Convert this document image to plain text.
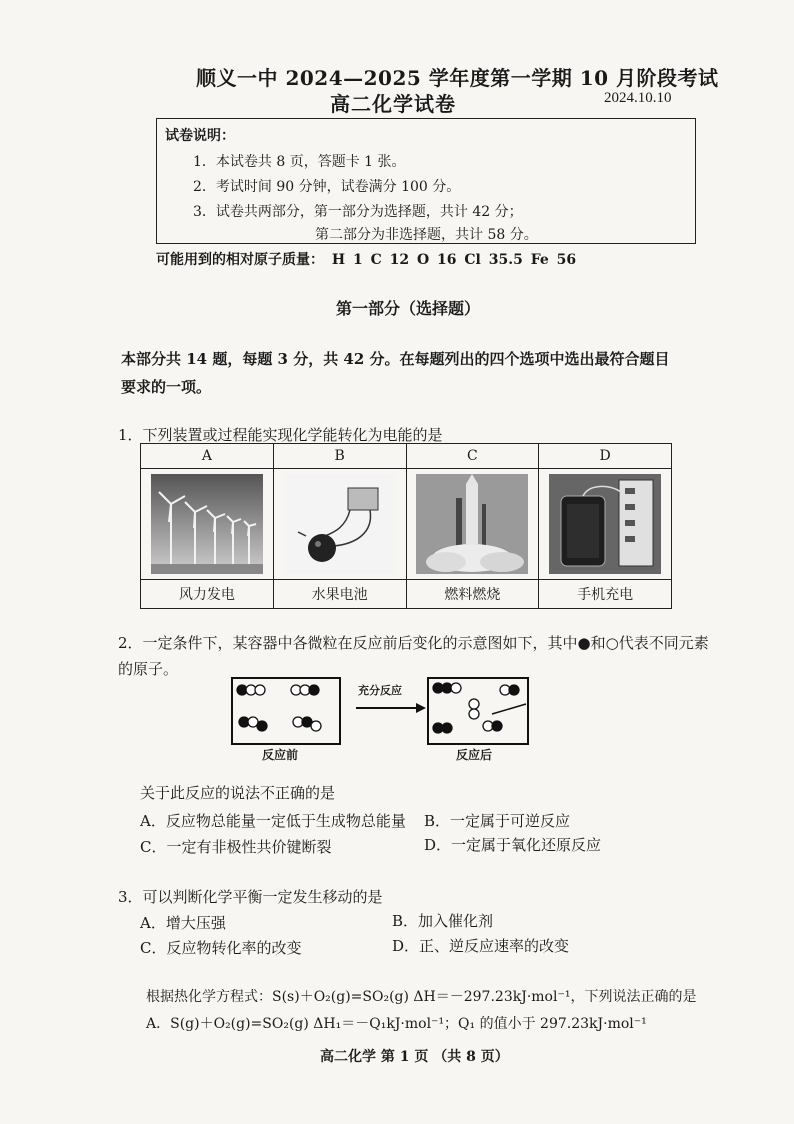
顺义一中 2024—2025 学年度第一学期 10 月阶段考试
高二化学试卷	2024.10.10
试卷说明：
1．本试卷共 8 页，答题卡 1 张。
2．考试时间 90 分钟，试卷满分 100 分。
3．试卷共两部分，第一部分为选择题，共计 42 分；
第二部分为非选择题，共计 58 分。
可能用到的相对原子质量： H 1 C 12 O 16 Cl 35.5 Fe 56
第一部分（选择题）
本部分共 14 题，每题 3 分，共 42 分。在每题列出的四个选项中选出最符合题目要求的一项。
1．下列装置或过程能实现化学能转化为电能的是
A	B	C	D

风力发电	水果电池	燃料燃烧	手机充电
2．一定条件下，某容器中各微粒在反应前后变化的示意图如下，其中●和○代表不同元素
的原子。
充分反应
反应前	反应后
关于此反应的说法不正确的是
A．反应物总能量一定低于生成物总能量 B．一定属于可逆反应
C．一定有非极性共价键断裂	D．一定属于氧化还原反应
3．可以判断化学平衡一定发生移动的是
A．增大压强	B．加入催化剂
C．反应物转化率的改变	D．正、逆反应速率的改变
根据热化学方程式：S(s)＋O₂(g)=SO₂(g) ΔH＝－297.23kJ·mol⁻¹，下列说法正确的是
A．S(g)＋O₂(g)=SO₂(g) ΔH₁＝－Q₁kJ·mol⁻¹；Q₁ 的值小于 297.23kJ·mol⁻¹
高二化学 第 1 页 （共 8 页）
